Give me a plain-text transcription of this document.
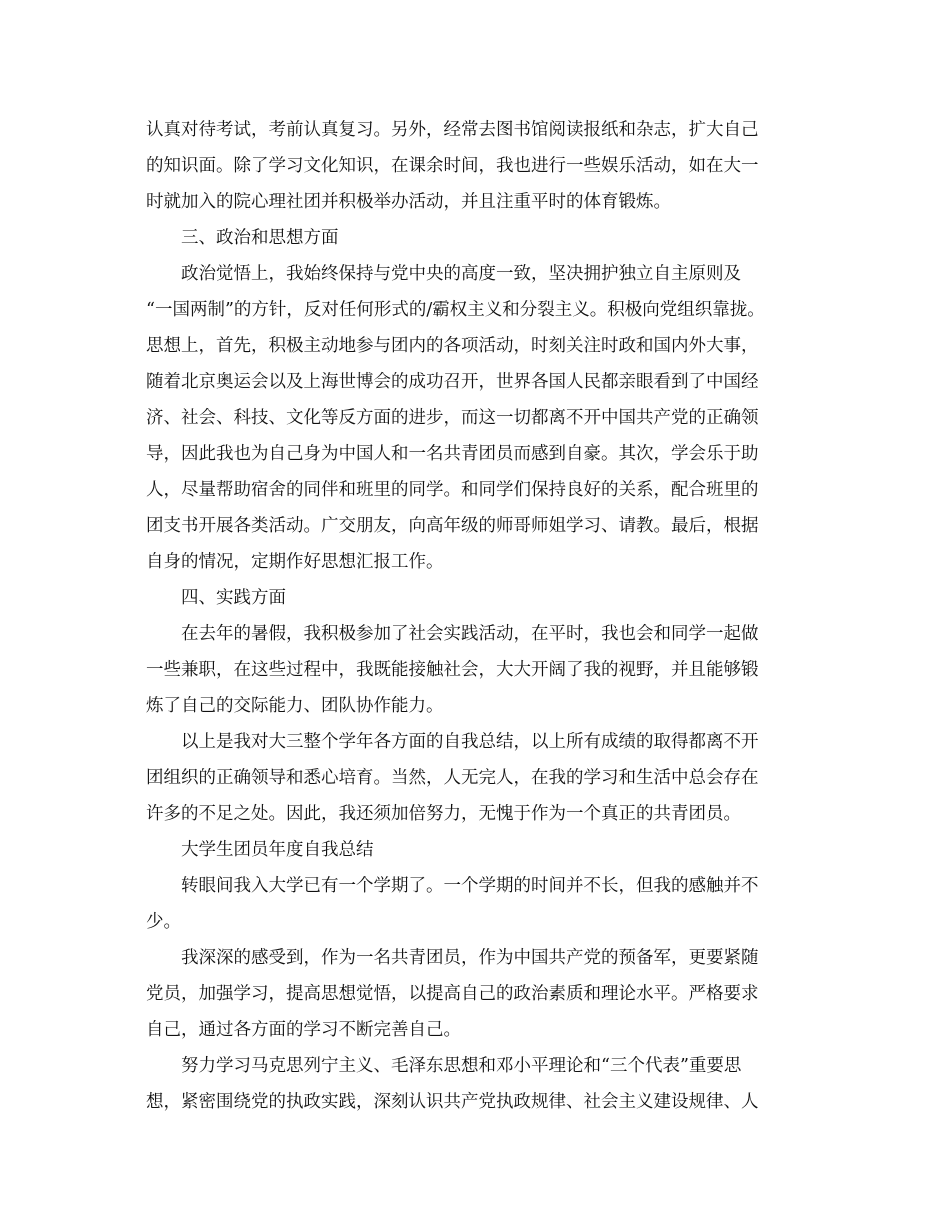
认真对待考试，考前认真复习。另外，经常去图书馆阅读报纸和杂志，扩大自己
的知识面。除了学习文化知识，在课余时间，我也进行一些娱乐活动，如在大一
时就加入的院心理社团并积极举办活动，并且注重平时的体育锻炼。
三、政治和思想方面
政治觉悟上，我始终保持与党中央的高度一致，坚决拥护独立自主原则及
“一国两制”的方针，反对任何形式的/霸权主义和分裂主义。积极向党组织靠拢。
思想上，首先，积极主动地参与团内的各项活动，时刻关注时政和国内外大事，
随着北京奥运会以及上海世博会的成功召开，世界各国人民都亲眼看到了中国经
济、社会、科技、文化等反方面的进步，而这一切都离不开中国共产党的正确领
导，因此我也为自己身为中国人和一名共青团员而感到自豪。其次，学会乐于助
人，尽量帮助宿舍的同伴和班里的同学。和同学们保持良好的关系，配合班里的
团支书开展各类活动。广交朋友，向高年级的师哥师姐学习、请教。最后，根据
自身的情况，定期作好思想汇报工作。
四、实践方面
在去年的暑假，我积极参加了社会实践活动，在平时，我也会和同学一起做
一些兼职，在这些过程中，我既能接触社会，大大开阔了我的视野，并且能够锻
炼了自己的交际能力、团队协作能力。
以上是我对大三整个学年各方面的自我总结，以上所有成绩的取得都离不开
团组织的正确领导和悉心培育。当然，人无完人，在我的学习和生活中总会存在
许多的不足之处。因此，我还须加倍努力，无愧于作为一个真正的共青团员。
大学生团员年度自我总结
转眼间我入大学已有一个学期了。一个学期的时间并不长，但我的感触并不
少。
我深深的感受到，作为一名共青团员，作为中国共产党的预备军，更要紧随
党员，加强学习，提高思想觉悟，以提高自己的政治素质和理论水平。严格要求
自己，通过各方面的学习不断完善自己。
努力学习马克思列宁主义、毛泽东思想和邓小平理论和“三个代表”重要思
想，紧密围绕党的执政实践，深刻认识共产党执政规律、社会主义建设规律、人
